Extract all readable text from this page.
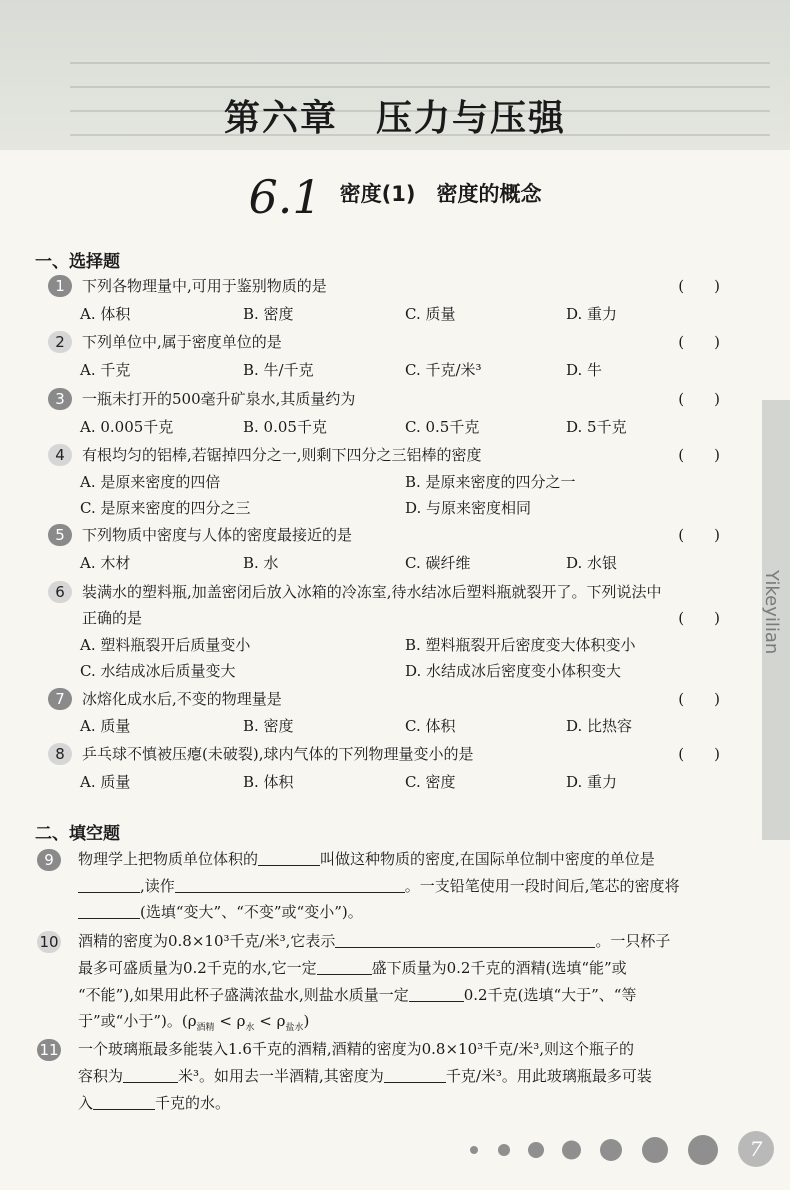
第六章　压力与压强
6.1 密度(1)　密度的概念
Yikeyilian
一、选择题
1	下列各物理量中,可用于鉴别物质的是	(　　)
A. 体积	B. 密度	C. 质量	D. 重力
2	下列单位中,属于密度单位的是	(　　)
A. 千克	B. 牛/千克	C. 千克/米³	D. 牛
3	一瓶未打开的500毫升矿泉水,其质量约为	(　　)
A. 0.005千克	B. 0.05千克	C. 0.5千克	D. 5千克
4	有根均匀的铝棒,若锯掉四分之一,则剩下四分之三铝棒的密度	(　　)
A. 是原来密度的四倍	B. 是原来密度的四分之一
C. 是原来密度的四分之三	D. 与原来密度相同
5	下列物质中密度与人体的密度最接近的是	(　　)
A. 木材	B. 水	C. 碳纤维	D. 水银
6	装满水的塑料瓶,加盖密闭后放入冰箱的冷冻室,待水结冰后塑料瓶就裂开了。下列说法中
正确的是	(　　)
A. 塑料瓶裂开后质量变小	B. 塑料瓶裂开后密度变大体积变小
C. 水结成冰后质量变大	D. 水结成冰后密度变小体积变大
7	冰熔化成水后,不变的物理量是	(　　)
A. 质量	B. 密度	C. 体积	D. 比热容
8	乒乓球不慎被压瘪(未破裂),球内气体的下列物理量变小的是	(　　)
A. 质量	B. 体积	C. 密度	D. 重力
二、填空题
9	物理学上把物质单位体积的	叫做这种物质的密度,在国际单位制中密度的单位是
,读作	。一支铅笔使用一段时间后,笔芯的密度将
(选填“变大”、“不变”或“变小”)。
10 酒精的密度为0.8×10³千克/米³,它表示	。一只杯子
最多可盛质量为0.2千克的水,它一定	盛下质量为0.2千克的酒精(选填“能”或
“不能”),如果用此杯子盛满浓盐水,则盐水质量一定	0.2千克(选填“大于”、“等
于”或“小于”)。$(\rho_{酒精} < \rho_水 < \rho_{盐水})$
11 一个玻璃瓶最多能装入1.6千克的酒精,酒精的密度为0.8×10³千克/米³,则这个瓶子的
容积为	米³。如用去一半酒精,其密度为	千克/米³。用此玻璃瓶最多可装
入	千克的水。
7
